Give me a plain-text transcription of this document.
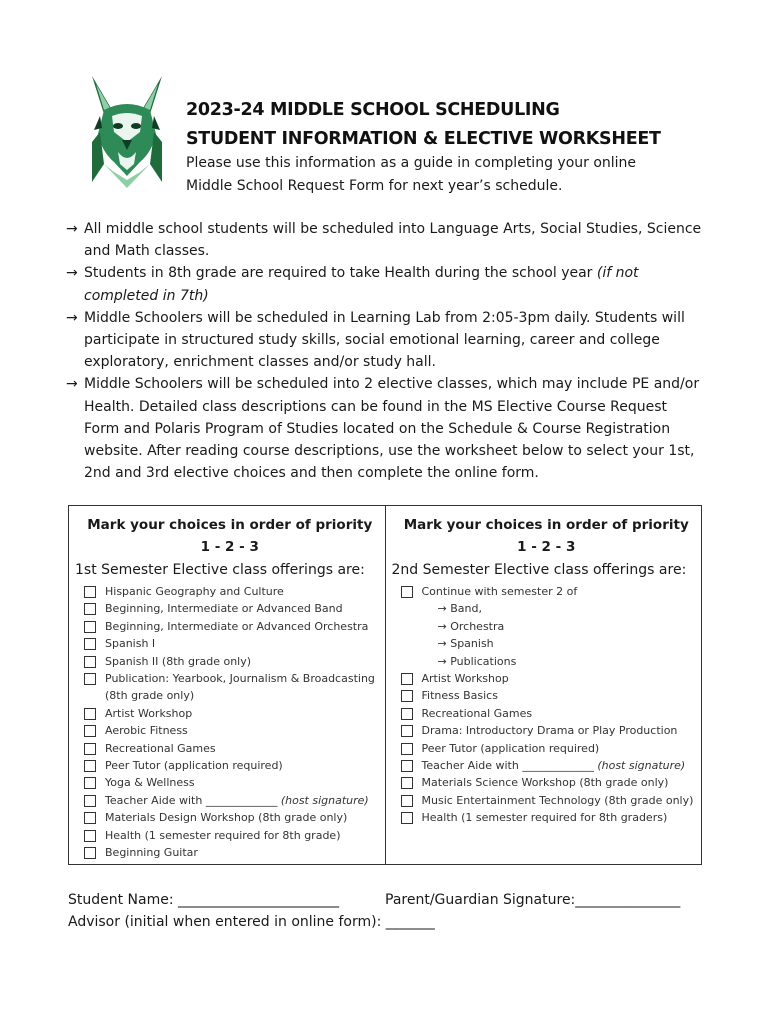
2023-24 MIDDLE SCHOOL SCHEDULING
STUDENT INFORMATION & ELECTIVE WORKSHEET
Please use this information as a guide in completing your online
Middle School Request Form for next year’s schedule.
→ All middle school students will be scheduled into Language Arts, Social Studies, Science and Math classes.
→ Students in 8th grade are required to take Health during the school year (if not completed in 7th)
→ Middle Schoolers will be scheduled in Learning Lab from 2:05-3pm daily. Students will participate in structured study skills, social emotional learning, career and college exploratory, enrichment classes and/or study hall.
→ Middle Schoolers will be scheduled into 2 elective classes, which may include PE and/or Health. Detailed class descriptions can be found in the MS Elective Course Request Form and Polaris Program of Studies located on the Schedule & Course Registration website. After reading course descriptions, use the worksheet below to select your 1st, 2nd and 3rd elective choices and then complete the online form.
Mark your choices in order of priority
1 - 2 - 3
1st Semester Elective class offerings are:
Hispanic Geography and Culture
Beginning, Intermediate or Advanced Band
Beginning, Intermediate or Advanced Orchestra
Spanish I
Spanish II (8th grade only)
Publication: Yearbook, Journalism & Broadcasting
(8th grade only)
Artist Workshop
Aerobic Fitness
Recreational Games
Peer Tutor (application required)
Yoga & Wellness
Teacher Aide with _____________ (host signature)
Materials Design Workshop (8th grade only)
Health (1 semester required for 8th grade)
Beginning Guitar
Mark your choices in order of priority
1 - 2 - 3
2nd Semester Elective class offerings are:
Continue with semester 2 of
→ Band,
→ Orchestra
→ Spanish
→ Publications
Artist Workshop
Fitness Basics
Recreational Games
Drama: Introductory Drama or Play Production
Peer Tutor (application required)
Teacher Aide with _____________ (host signature)
Materials Science Workshop (8th grade only)
Music Entertainment Technology (8th grade only)
Health (1 semester required for 8th graders)
Student Name: _______________________	Parent/Guardian Signature:_______________
Advisor (initial when entered in online form): _______
